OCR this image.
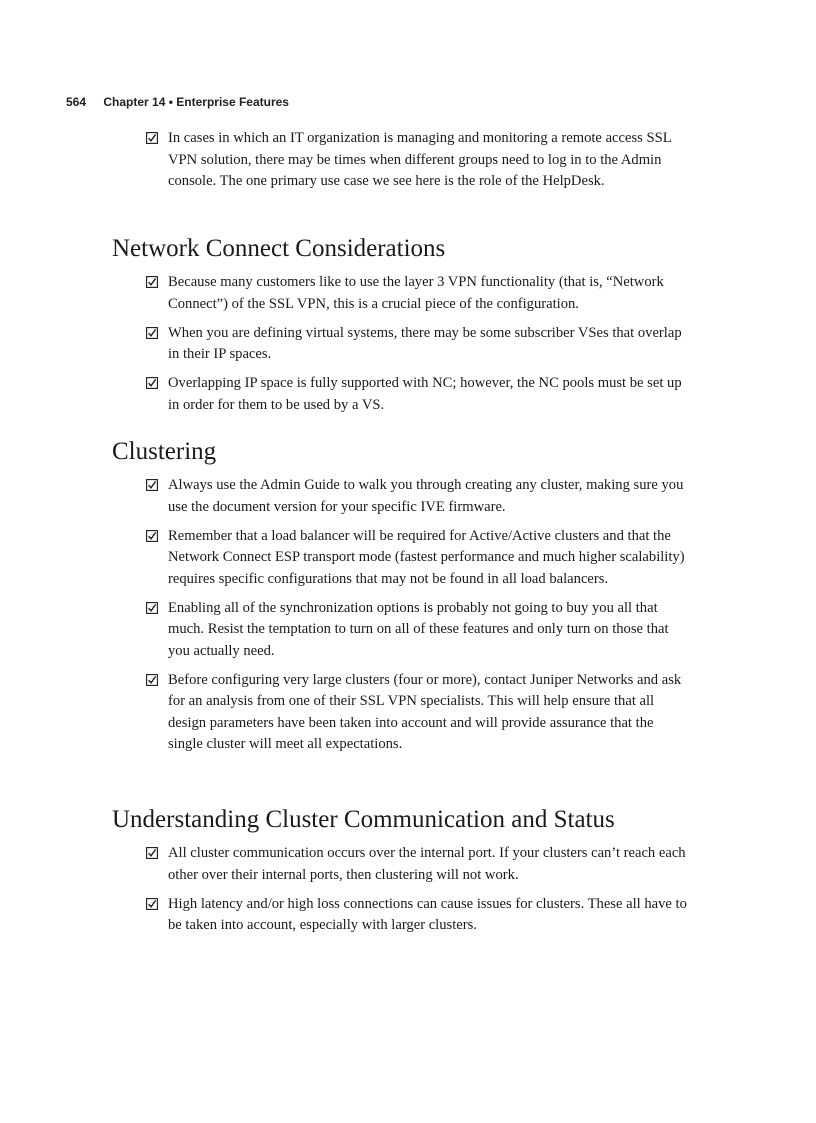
564 Chapter 14 • Enterprise Features
In cases in which an IT organization is managing and monitoring a remote access SSL VPN solution, there may be times when different groups need to log in to the Admin console. The one primary use case we see here is the role of the HelpDesk.
Network Connect Considerations
Because many customers like to use the layer 3 VPN functionality (that is, “Network Connect”) of the SSL VPN, this is a crucial piece of the configuration.
When you are defining virtual systems, there may be some subscriber VSes that overlap in their IP spaces.
Overlapping IP space is fully supported with NC; however, the NC pools must be set up in order for them to be used by a VS.
Clustering
Always use the Admin Guide to walk you through creating any cluster, making sure you use the document version for your specific IVE firmware.
Remember that a load balancer will be required for Active/Active clusters and that the Network Connect ESP transport mode (fastest performance and much higher scalability) requires specific configurations that may not be found in all load balancers.
Enabling all of the synchronization options is probably not going to buy you all that much. Resist the temptation to turn on all of these features and only turn on those that you actually need.
Before configuring very large clusters (four or more), contact Juniper Networks and ask for an analysis from one of their SSL VPN specialists. This will help ensure that all design parameters have been taken into account and will provide assurance that the single cluster will meet all expectations.
Understanding Cluster Communication and Status
All cluster communication occurs over the internal port. If your clusters can’t reach each other over their internal ports, then clustering will not work.
High latency and/or high loss connections can cause issues for clusters. These all have to be taken into account, especially with larger clusters.
